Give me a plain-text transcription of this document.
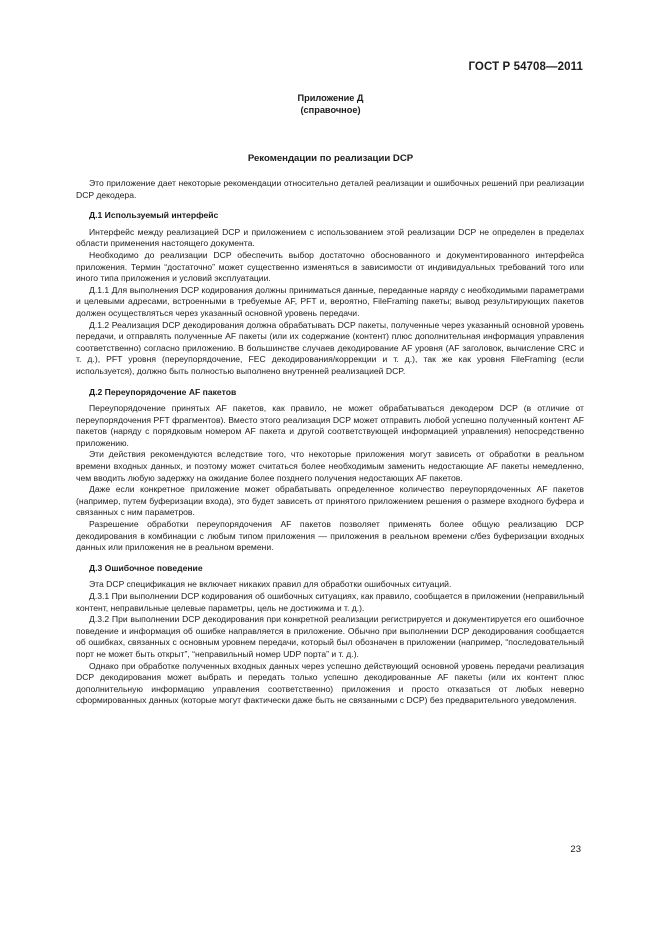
ГОСТ Р 54708—2011
Приложение Д
(справочное)
Рекомендации по реализации DCP

Это приложение дает некоторые рекомендации относительно деталей реализации и ошибочных решений при реализации DCP декодера.

Д.1 Используемый интерфейс

Интерфейс между реализацией DCP и приложением с использованием этой реализации DCP не определен в пределах области применения настоящего документа.

Необходимо до реализации DCP обеспечить выбор достаточно обоснованного и документированного интерфейса приложения. Термин “достаточно” может существенно изменяться в зависимости от индивидуальных требований того или иного типа приложения и условий эксплуатации.

Д.1.1 Для выполнения DCP кодирования должны приниматься данные, переданные наряду с необходимыми параметрами и целевыми адресами, встроенными в требуемые AF, PFT и, вероятно, FileFraming пакеты; вывод результирующих пакетов должен осуществляться через указанный основной уровень передачи.

Д.1.2 Реализация DCP декодирования должна обрабатывать DCP пакеты, полученные через указанный основной уровень передачи, и отправлять полученные AF пакеты (или их содержание (контент) плюс дополнительная информация управления соответственно) согласно приложению. В большинстве случаев декодирование AF уровня (AF заголовок, вычисление CRC и т. д.), PFT уровня (переупорядочение, FEC декодирования/коррекции и т. д.), так же как уровня FileFraming (если используется), должно быть полностью выполнено внутренней реализацией DCP.

Д.2 Переупорядочение AF пакетов

Переупорядочение принятых AF пакетов, как правило, не может обрабатываться декодером DCP (в отличие от переупорядочения PFT фрагментов). Вместо этого реализация DCP может отправить любой успешно полученный контент AF пакетов (наряду с порядковым номером AF пакета и другой соответствующей информацией управления) непосредственно приложению.

Эти действия рекомендуются вследствие того, что некоторые приложения могут зависеть от обработки в реальном времени входных данных, и поэтому может считаться более необходимым заменить недостающие AF пакеты немедленно, чем вводить любую задержку на ожидание более позднего получения недостающих AF пакетов.

Даже если конкретное приложение может обрабатывать определенное количество переупорядоченных AF пакетов (например, путем буферизации входа), это будет зависеть от принятого приложением решения о размере входного буфера и связанных с ним параметров.

Разрешение обработки переупорядочения AF пакетов позволяет применять более общую реализацию DCP декодирования в комбинации с любым типом приложения — приложения в реальном времени с/без буферизации входных данных или приложения не в реальном времени.

Д.3 Ошибочное поведение

Эта DCP спецификация не включает никаких правил для обработки ошибочных ситуаций.

Д.3.1 При выполнении DCP кодирования об ошибочных ситуациях, как правило, сообщается в приложении (неправильный контент, неправильные целевые параметры, цель не достижима и т. д.).

Д.3.2 При выполнении DCP декодирования при конкретной реализации регистрируется и документируется его ошибочное поведение и информация об ошибке направляется в приложение. Обычно при выполнении DCP декодирования сообщается об ошибках, связанных с основным уровнем передачи, который был обозначен в приложении (например, “последовательный порт не может быть открыт”, “неправильный номер UDP порта” и т. д.).

Однако при обработке полученных входных данных через успешно действующий основной уровень передачи реализация DCP декодирования может выбрать и передать только успешно декодированные AF пакеты (или их контент плюс дополнительную информацию управления соответственно) приложения и просто отказаться от любых неверно сформированных данных (которые могут фактически даже быть не связанными с DCP) без предварительного уведомления.

23
